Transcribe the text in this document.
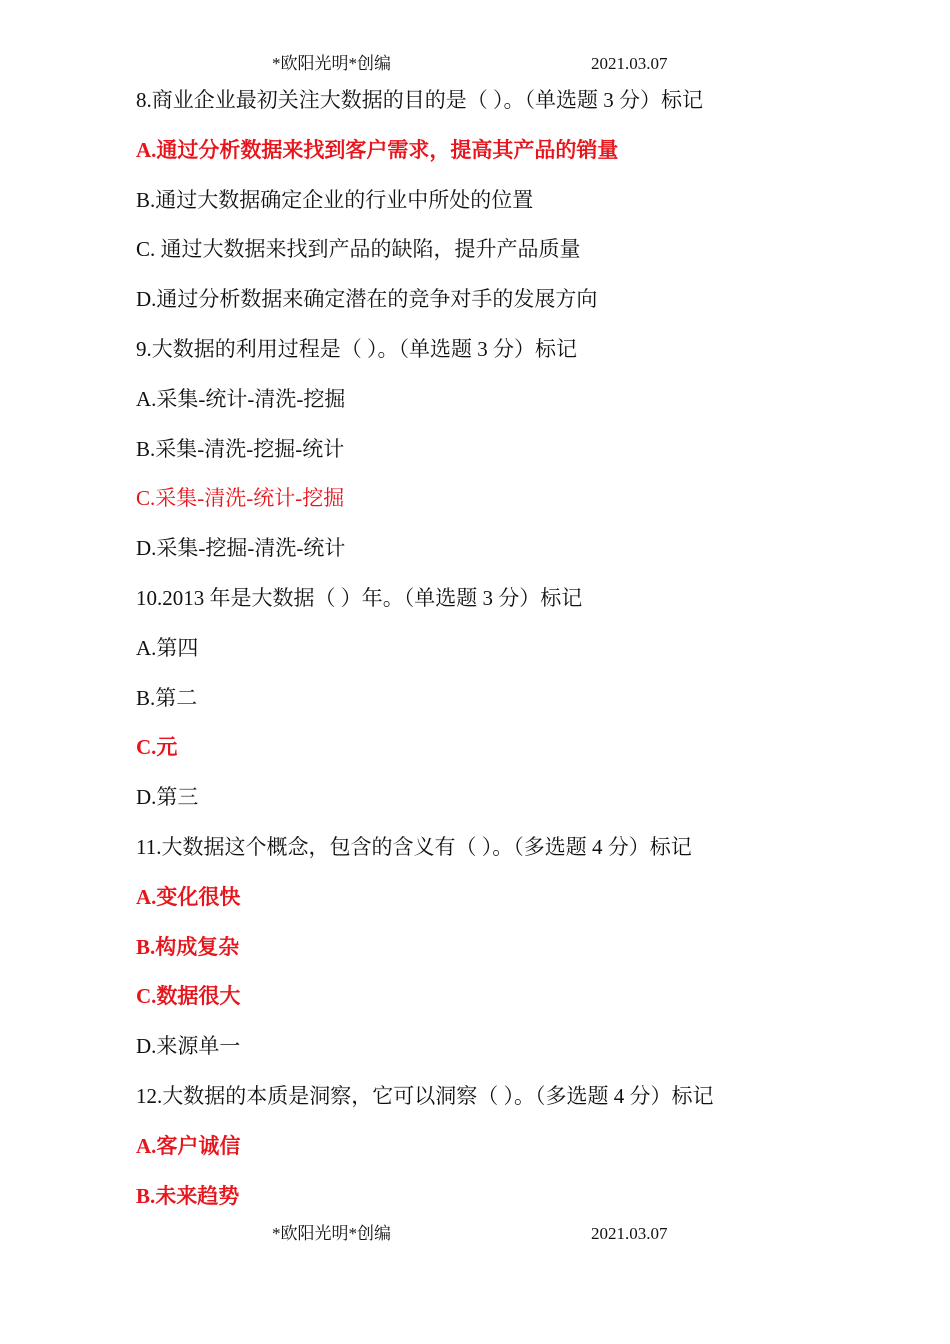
*欧阳光明*创编	2021.03.07
8.商业企业最初关注大数据的目的是（ ）。（单选题 3 分）标记
A.通过分析数据来找到客户需求，提高其产品的销量
B.通过大数据确定企业的行业中所处的位置
C. 通过大数据来找到产品的缺陷，提升产品质量
D.通过分析数据来确定潜在的竞争对手的发展方向
9.大数据的利用过程是（ ）。（单选题 3 分）标记
A.采集-统计-清洗-挖掘
B.采集-清洗-挖掘-统计
C.采集-清洗-统计-挖掘
D.采集-挖掘-清洗-统计
10.2013 年是大数据（ ）年。（单选题 3 分）标记
A.第四
B.第二
C.元
D.第三
11.大数据这个概念，包含的含义有（ ）。（多选题 4 分）标记
A.变化很快
B.构成复杂
C.数据很大
D.来源单一
12.大数据的本质是洞察，它可以洞察（ ）。（多选题 4 分）标记
A.客户诚信
B.未来趋势
*欧阳光明*创编	2021.03.07
